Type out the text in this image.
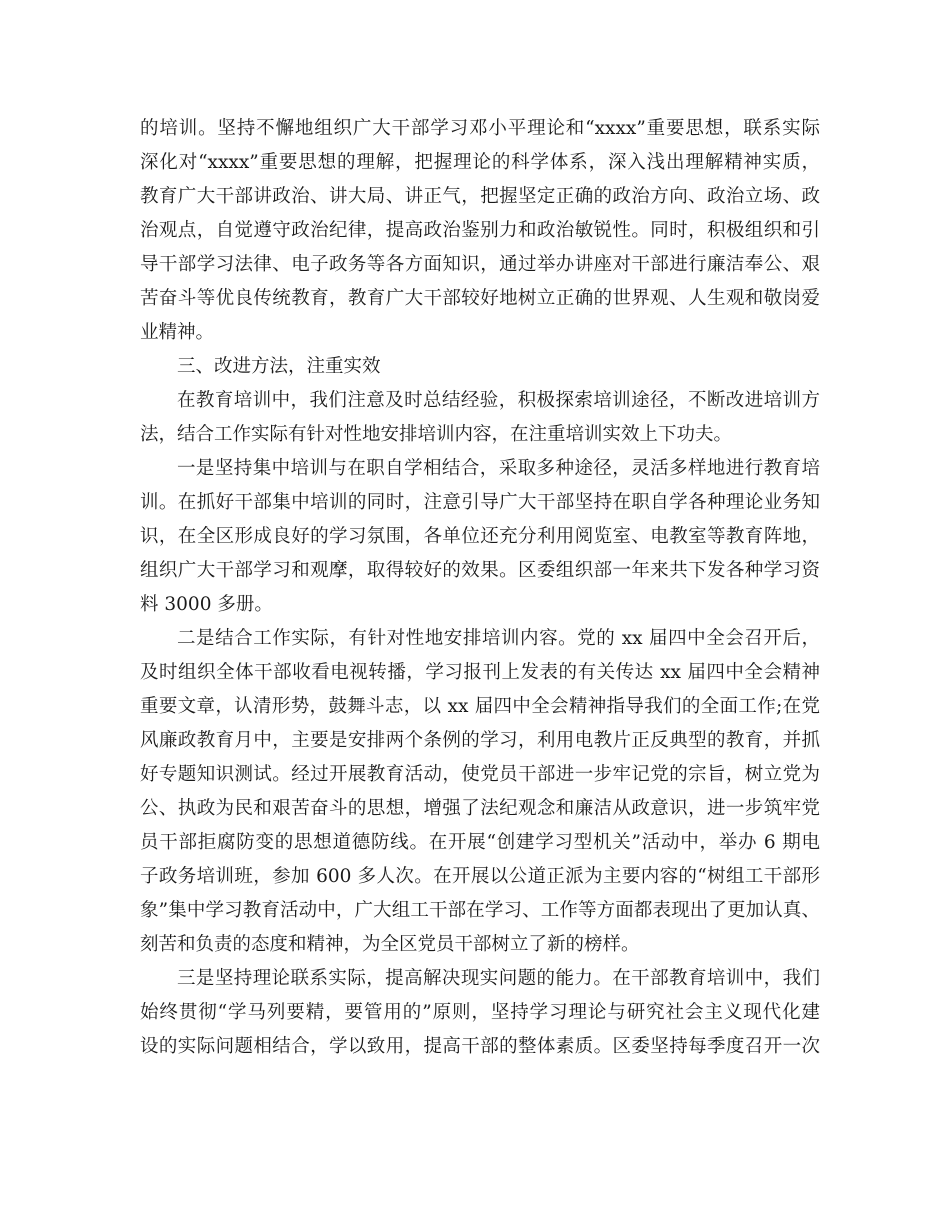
的培训。坚持不懈地组织广大干部学习邓小平理论和“xxxx”重要思想，联系实际
深化对“xxxx”重要思想的理解，把握理论的科学体系，深入浅出理解精神实质，
教育广大干部讲政治、讲大局、讲正气，把握坚定正确的政治方向、政治立场、政
治观点，自觉遵守政治纪律，提高政治鉴别力和政治敏锐性。同时，积极组织和引
导干部学习法律、电子政务等各方面知识，通过举办讲座对干部进行廉洁奉公、艰
苦奋斗等优良传统教育，教育广大干部较好地树立正确的世界观、人生观和敬岗爱
业精神。
三、改进方法，注重实效
在教育培训中，我们注意及时总结经验，积极探索培训途径，不断改进培训方
法，结合工作实际有针对性地安排培训内容，在注重培训实效上下功夫。
一是坚持集中培训与在职自学相结合，采取多种途径，灵活多样地进行教育培
训。在抓好干部集中培训的同时，注意引导广大干部坚持在职自学各种理论业务知
识，在全区形成良好的学习氛围，各单位还充分利用阅览室、电教室等教育阵地，
组织广大干部学习和观摩，取得较好的效果。区委组织部一年来共下发各种学习资
料 3000 多册。
二是结合工作实际，有针对性地安排培训内容。党的 xx 届四中全会召开后，
及时组织全体干部收看电视转播，学习报刊上发表的有关传达 xx 届四中全会精神
重要文章，认清形势，鼓舞斗志，以 xx 届四中全会精神指导我们的全面工作;在党
风廉政教育月中，主要是安排两个条例的学习，利用电教片正反典型的教育，并抓
好专题知识测试。经过开展教育活动，使党员干部进一步牢记党的宗旨，树立党为
公、执政为民和艰苦奋斗的思想，增强了法纪观念和廉洁从政意识，进一步筑牢党
员干部拒腐防变的思想道德防线。在开展“创建学习型机关”活动中，举办 6 期电
子政务培训班，参加 600 多人次。在开展以公道正派为主要内容的“树组工干部形
象”集中学习教育活动中，广大组工干部在学习、工作等方面都表现出了更加认真、
刻苦和负责的态度和精神，为全区党员干部树立了新的榜样。
三是坚持理论联系实际，提高解决现实问题的能力。在干部教育培训中，我们
始终贯彻“学马列要精，要管用的”原则，坚持学习理论与研究社会主义现代化建
设的实际问题相结合，学以致用，提高干部的整体素质。区委坚持每季度召开一次
